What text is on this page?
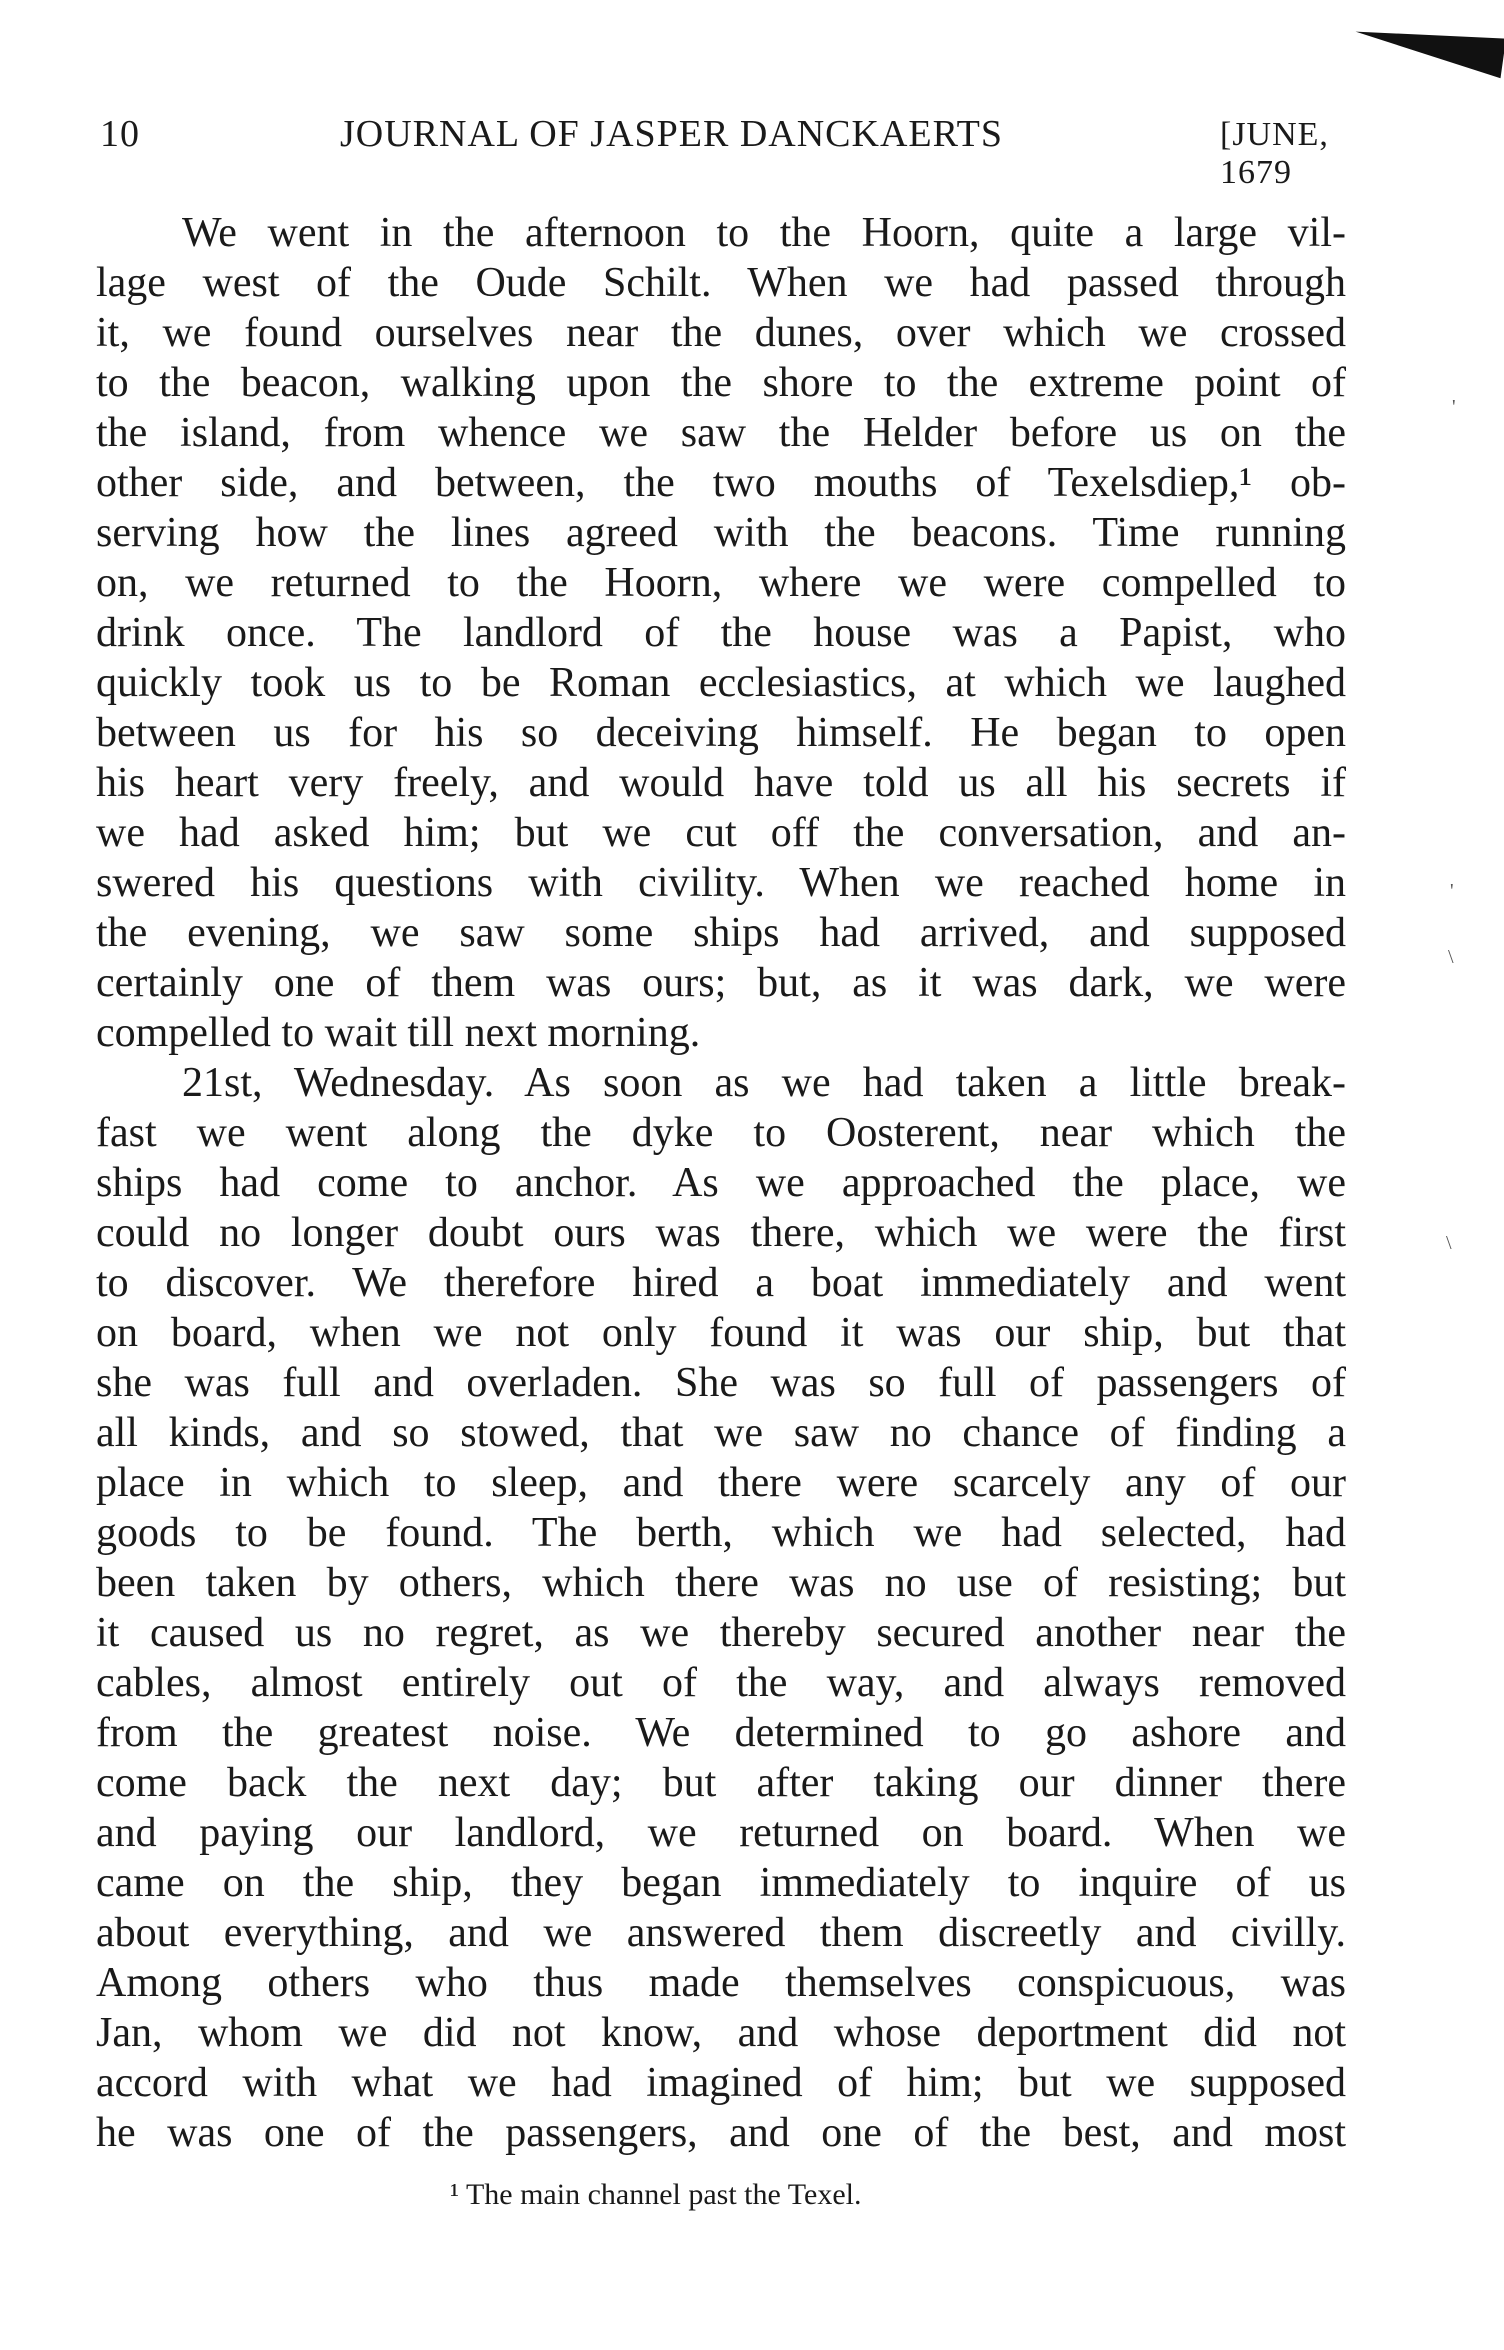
10	JOURNAL OF JASPER DANCKAERTS	[JUNE, 1679
We went in the afternoon to the Hoorn, quite a large vil-
lage west of the Oude Schilt. When we had passed through
it, we found ourselves near the dunes, over which we crossed
to the beacon, walking upon the shore to the extreme point of
the island, from whence we saw the Helder before us on the
other side, and between, the two mouths of Texelsdiep,¹ ob-
serving how the lines agreed with the beacons. Time running
on, we returned to the Hoorn, where we were compelled to
drink once. The landlord of the house was a Papist, who
quickly took us to be Roman ecclesiastics, at which we laughed
between us for his so deceiving himself. He began to open
his heart very freely, and would have told us all his secrets if
we had asked him; but we cut off the conversation, and an-
swered his questions with civility. When we reached home in
the evening, we saw some ships had arrived, and supposed
certainly one of them was ours; but, as it was dark, we were
compelled to wait till next morning.
21st, Wednesday. As soon as we had taken a little break-
fast we went along the dyke to Oosterent, near which the
ships had come to anchor. As we approached the place, we
could no longer doubt ours was there, which we were the first
to discover. We therefore hired a boat immediately and went
on board, when we not only found it was our ship, but that
she was full and overladen. She was so full of passengers of
all kinds, and so stowed, that we saw no chance of finding a
place in which to sleep, and there were scarcely any of our
goods to be found. The berth, which we had selected, had
been taken by others, which there was no use of resisting; but
it caused us no regret, as we thereby secured another near the
cables, almost entirely out of the way, and always removed
from the greatest noise. We determined to go ashore and
come back the next day; but after taking our dinner there
and paying our landlord, we returned on board. When we
came on the ship, they began immediately to inquire of us
about everything, and we answered them discreetly and civilly.
Among others who thus made themselves conspicuous, was
Jan, whom we did not know, and whose deportment did not
accord with what we had imagined of him; but we supposed
he was one of the passengers, and one of the best, and most
¹ The main channel past the Texel.
'
'
\
\
